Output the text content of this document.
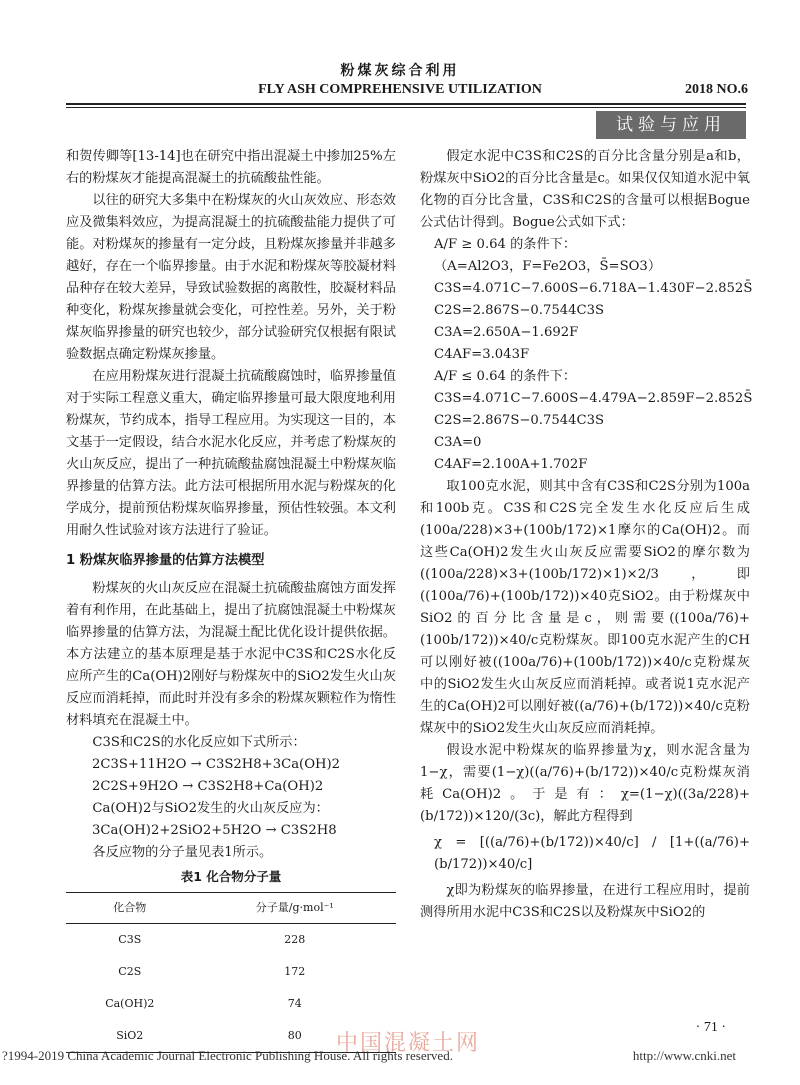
粉煤灰综合利用
FLY ASH COMPREHENSIVE UTILIZATION	2018 NO.6
试验与应用

和贺传卿等[13-14]也在研究中指出混凝土中掺加25%左右的粉煤灰才能提高混凝土的抗硫酸盐性能。

以往的研究大多集中在粉煤灰的火山灰效应、形态效应及微集料效应，为提高混凝土的抗硫酸盐能力提供了可能。对粉煤灰的掺量有一定分歧，且粉煤灰掺量并非越多越好，存在一个临界掺量。由于水泥和粉煤灰等胶凝材料品种存在较大差异，导致试验数据的离散性，胶凝材料品种变化，粉煤灰掺量就会变化，可控性差。另外，关于粉煤灰临界掺量的研究也较少，部分试验研究仅根据有限试验数据点确定粉煤灰掺量。

在应用粉煤灰进行混凝土抗硫酸腐蚀时，临界掺量值对于实际工程意义重大，确定临界掺量可最大限度地利用粉煤灰，节约成本，指导工程应用。为实现这一目的，本文基于一定假设，结合水泥水化反应，并考虑了粉煤灰的火山灰反应，提出了一种抗硫酸盐腐蚀混凝土中粉煤灰临界掺量的估算方法。此方法可根据所用水泥与粉煤灰的化学成分，提前预估粉煤灰临界掺量，预估性较强。本文利用耐久性试验对该方法进行了验证。

1 粉煤灰临界掺量的估算方法模型

粉煤灰的火山灰反应在混凝土抗硫酸盐腐蚀方面发挥着有利作用，在此基础上，提出了抗腐蚀混凝土中粉煤灰临界掺量的估算方法，为混凝土配比优化设计提供依据。本方法建立的基本原理是基于水泥中C3S和C2S水化反应所产生的Ca(OH)2刚好与粉煤灰中的SiO2发生火山灰反应而消耗掉，而此时并没有多余的粉煤灰颗粒作为惰性材料填充在混凝土中。

C3S和C2S的水化反应如下式所示：

2C3S+11H2O → C3S2H8+3Ca(OH)2

2C2S+9H2O → C3S2H8+Ca(OH)2

Ca(OH)2与SiO2发生的火山灰反应为：

3Ca(OH)2+2SiO2+5H2O → C3S2H8

各反应物的分子量见表1所示。

表1 化合物分子量

化合物	分子量/g·mol⁻¹
C3S	228
C2S	172
Ca(OH)2	74
SiO2	80

假定水泥中C3S和C2S的百分比含量分别是a和b，粉煤灰中SiO2的百分比含量是c。如果仅仅知道水泥中氧化物的百分比含量，C3S和C2S的含量可以根据Bogue公式估计得到。Bogue公式如下式：

A/F ≥ 0.64 的条件下：

（A=Al2O3，F=Fe2O3，S̄=SO3）

C3S=4.071C−7.600S−6.718A−1.430F−2.852S̄

C2S=2.867S−0.7544C3S

C3A=2.650A−1.692F

C4AF=3.043F

A/F ≤ 0.64 的条件下：

C3S=4.071C−7.600S−4.479A−2.859F−2.852S̄

C2S=2.867S−0.7544C3S

C3A=0

C4AF=2.100A+1.702F

取100克水泥，则其中含有C3S和C2S分别为100a和100b克。C3S和C2S完全发生水化反应后生成(100a/228)×3+(100b/172)×1摩尔的Ca(OH)2。而这些Ca(OH)2发生火山灰反应需要SiO2的摩尔数为((100a/228)×3+(100b/172)×1)×2/3，即((100a/76)+(100b/172))×40克SiO2。由于粉煤灰中SiO2的百分比含量是c，则需要((100a/76)+(100b/172))×40/c克粉煤灰。即100克水泥产生的CH可以刚好被((100a/76)+(100b/172))×40/c克粉煤灰中的SiO2发生火山灰反应而消耗掉。或者说1克水泥产生的Ca(OH)2可以刚好被((a/76)+(b/172))×40/c克粉煤灰中的SiO2发生火山灰反应而消耗掉。

假设水泥中粉煤灰的临界掺量为χ，则水泥含量为1−χ，需要(1−χ)((a/76)+(b/172))×40/c克粉煤灰消耗Ca(OH)2。于是有：χ=(1−χ)((3a/228)+(b/172))×120/(3c)，解此方程得到

χ = [((a/76)+(b/172))×40/c] / [1+((a/76)+(b/172))×40/c]

χ即为粉煤灰的临界掺量，在进行工程应用时，提前测得所用水泥中C3S和C2S以及粉煤灰中SiO2的

· 71 ·
中国混凝土网
?1994-2019 China Academic Journal Electronic Publishing House. All rights reserved.	http://www.cnki.net
